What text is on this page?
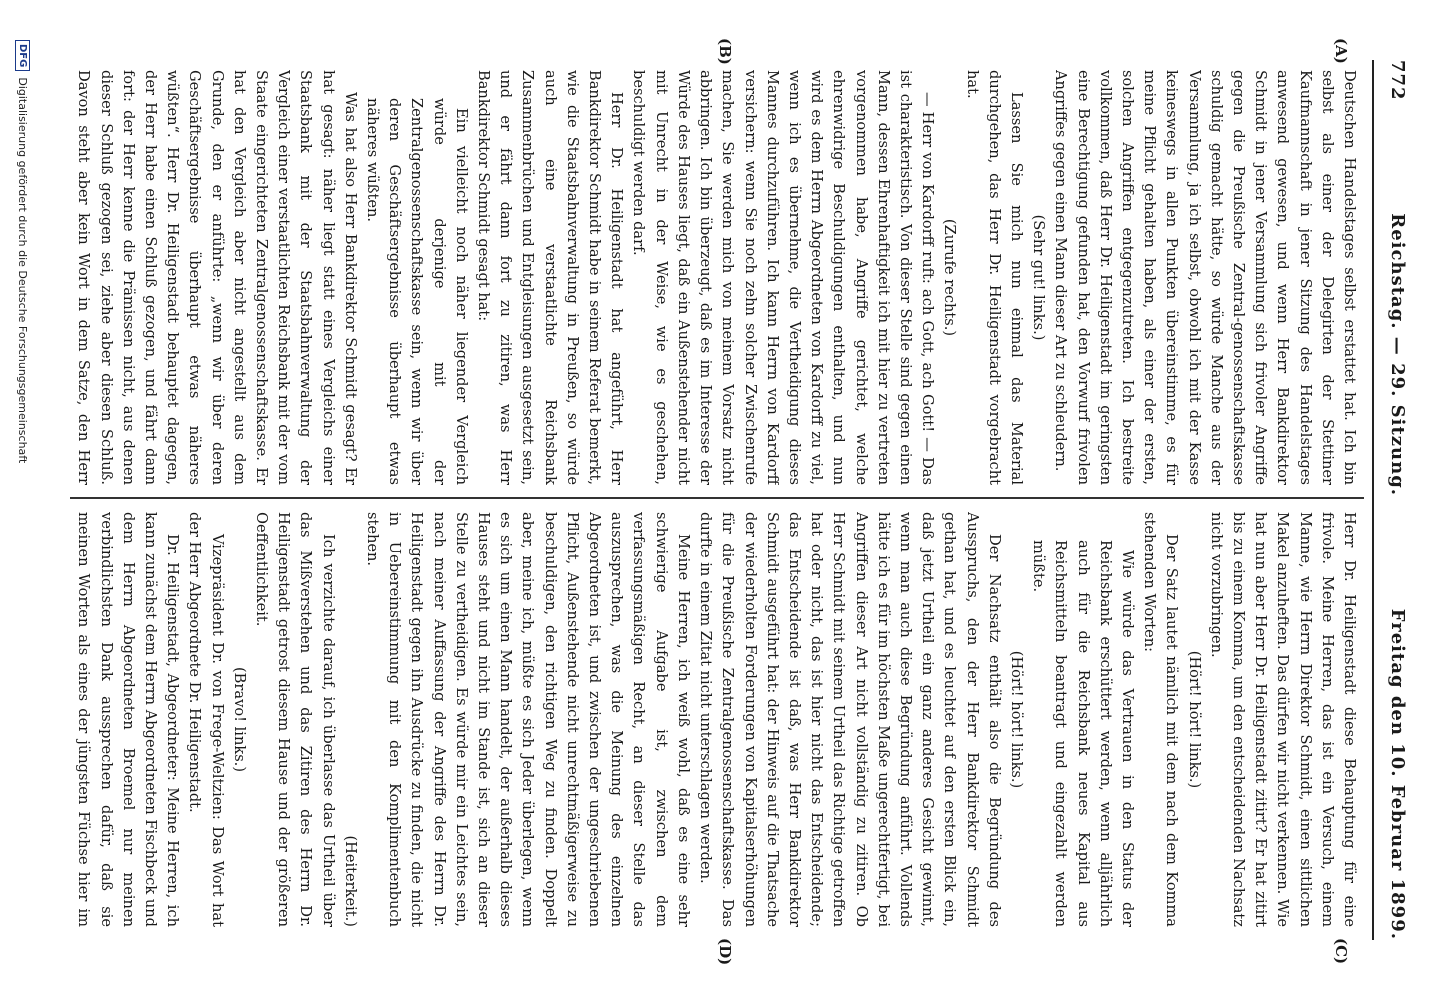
772
Reichstag. — 29. Sitzung.
Freitag den 10. Februar 1899.
(A)
(B)
(C)
(D)

Deutschen Handelstages selbst erstattet hat. Ich bin selbst als einer der Delegirten der Stettiner Kaufmannschaft in jener Sitzung des Handelstages anwesend gewesen, und wenn Herr Bankdirektor Schmidt in jener Versammlung sich frivoler Angriffe gegen die Preußische Zentral-genossenschaftskasse schuldig gemacht hätte, so würde Manche aus der Versammlung, ja ich selbst, obwohl ich mit der Kasse keineswegs in allen Punkten übereinstimme, es für meine Pflicht gehalten haben, als einer der ersten, solchen Angriffen entgegenzutreten. Ich bestreite vollkommen, daß Herr Dr. Heiligenstadt im geringsten eine Berechtigung gefunden hat, den Vorwurf frivolen Angriffes gegen einen Mann dieser Art zu schleudern.

(Sehr gut! links.)

Lassen Sie mich nun einmal das Material durchgehen, das Herr Dr. Heiligenstadt vorgebracht hat.

(Zurufe rechts.)

— Herr von Kardorff ruft: ach Gott, ach Gott! — Das ist charakteristisch. Von dieser Stelle sind gegen einen Mann, dessen Ehrenhaftigkeit ich mit hier zu vertreten vorgenommen habe, Angriffe gerichtet, welche ehrenwidrige Beschuldigungen enthalten, und nun wird es dem Herrn Abgeordneten von Kardorff zu viel, wenn ich es übernehme, die Vertheidigung dieses Mannes durchzuführen. Ich kann Herrn von Kardorff versichern: wenn Sie noch zehn solcher Zwischenrufe machen, Sie werden mich von meinem Vorsatz nicht abbringen. Ich bin überzeugt, daß es im Interesse der Würde des Hauses liegt, daß ein Außenstehender nicht mit Unrecht in der Weise, wie es geschehen, beschuldigt werden darf.

Herr Dr. Heiligenstadt hat angeführt, Herr Bankdirektor Schmidt habe in seinem Referat bemerkt, wie die Staatsbahnverwaltung in Preußen, so würde auch eine verstaatlichte Reichsbank Zusammenbrüchen und Entgleisungen ausgesetzt sein, und er fährt dann fort zu zitiren, was Herr Bankdirektor Schmidt gesagt hat:

Ein vielleicht noch näher liegender Vergleich würde derjenige mit der Zentralgenossenschaftskasse sein, wenn wir über deren Geschäftsergebnisse überhaupt etwas näheres wüßten.

Was hat also Herr Bankdirektor Schmidt gesagt? Er hat gesagt: näher liegt statt eines Vergleichs einer Staatsbank mit der Staatsbahnverwaltung der Vergleich einer verstaatlichten Reichsbank mit der vom Staate eingerichteten Zentralgenossenschaftskasse. Er hat den Vergleich aber nicht angestellt aus dem Grunde, den er anführte: „wenn wir über deren Geschäftsergebnisse überhaupt etwas näheres wüßten“. Herr Dr. Heiligenstadt behauptet dagegen, der Herr habe einen Schluß gezogen, und fährt dann fort: der Herr kenne die Prämissen nicht, aus denen dieser Schluß gezogen sei, ziehe aber diesen Schluß. Davon steht aber kein Wort in dem Satze, den Herr

Herr Dr. Heiligenstadt diese Behauptung für eine frivole. Meine Herren, das ist ein Versuch, einem Manne, wie Herrn Direktor Schmidt, einen sittlichen Makel anzuheften. Das dürfen wir nicht verkennen. Wie hat nun aber Herr Dr. Heiligenstadt zitirt? Er hat zitirt bis zu einem Komma, um den entscheidenden Nachsatz nicht vorzubringen.

(Hört! hört! links.)

Der Satz lautet nämlich mit dem nach dem Komma stehenden Worten:

Wie würde das Vertrauen in den Status der Reichsbank erschüttert werden, wenn alljährlich auch für die Reichsbank neues Kapital aus Reichsmitteln beantragt und eingezahlt werden müßte.

(Hört! hört! links.)

Der Nachsatz enthält also die Begründung des Ausspruchs, den der Herr Bankdirektor Schmidt gethan hat, und es leuchtet auf den ersten Blick ein, daß jetzt Urtheil ein ganz anderes Gesicht gewinnt, wenn man auch diese Begründung anführt. Vollends hätte ich es für im höchsten Maße ungerechtfertigt, bei Angriffen dieser Art nicht vollständig zu zitiren. Ob Herr Schmidt mit seinem Urtheil das Richtige getroffen hat oder nicht, das ist hier nicht das Entscheidende; das Entscheidende ist daß, was Herr Bankdirektor Schmidt ausgeführt hat: der Hinweis auf die Thatsache der wiederholten Forderungen von Kapitalserhöhungen für die Preußische Zentralgenossenschaftskasse. Das durfte in einem Zitat nicht unterschlagen werden.

Meine Herren, ich weiß wohl, daß es eine sehr schwierige Aufgabe ist, zwischen dem verfassungsmäßigen Recht, an dieser Stelle das auszusprechen, was die Meinung des einzelnen Abgeordneten ist, und zwischen der ungeschriebenen Pflicht, Außenstehende nicht unrechtmäßigerweise zu beschuldigen, den richtigen Weg zu finden. Doppelt aber, meine ich, müßte es sich Jeder überlegen, wenn es sich um einen Mann handelt, der außerhalb dieses Hauses steht und nicht im Stande ist, sich an dieser Stelle zu vertheidigen. Es würde mir ein Leichtes sein, nach meiner Auffassung der Angriffe des Herrn Dr. Heiligenstadt gegen ihn Ausdrücke zu finden, die nicht in Uebereinstimmung mit den Komplimentenbuch stehen.

(Heiterkeit.)

Ich verzichte darauf, ich überlasse das Urtheil über das Mißverstehen und das Zitiren des Herrn Dr. Heiligenstadt getrost diesem Hause und der größeren Oeffentlichkeit.

(Bravo! links.)

Vizepräsident Dr. von Frege-Weltzien: Das Wort hat der Herr Abgeordnete Dr. Heiligenstadt.

Dr. Heiligenstadt, Abgeordneter: Meine Herren, ich kann zunächst dem Herrn Abgeordneten Fischbeck und dem Herrn Abgeordneten Broemel nur meinen verbindlichsten Dank aussprechen dafür, daß sie meinen Worten als eines der jüngsten Füchse hier im

DFG
Digitalisierung gefördert durch die Deutsche Forschungsgemeinschaft
